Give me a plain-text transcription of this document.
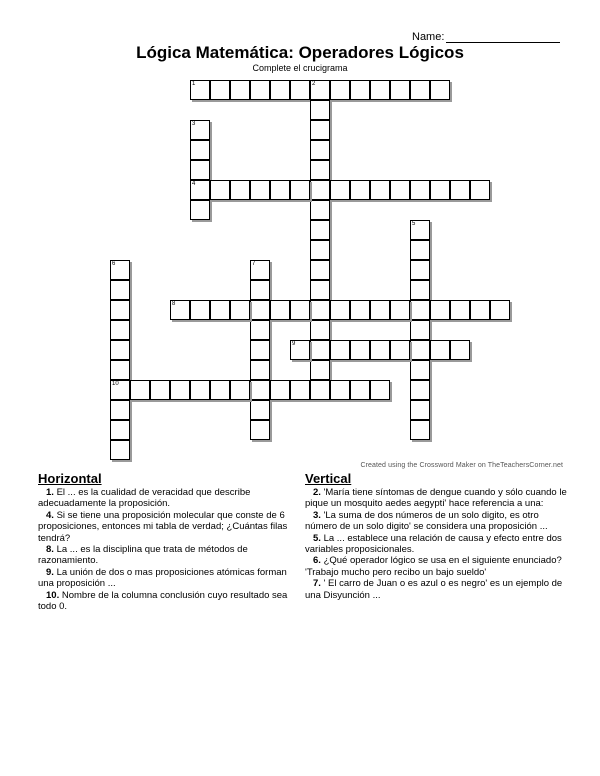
Name:
Lógica Matemática: Operadores Lógicos
Complete el crucigrama
1	2
3
4
5
6
10
7
8
9
Created using the Crossword Maker on TheTeachersCorner.net
Horizontal	Vertical

1. El ... es la cualidad de veracidad que describe adecuadamente la proposición.

4. Si se tiene una proposición molecular que conste de 6 proposiciones, entonces mi tabla de verdad; ¿Cuántas filas tendrá?

8. La ... es la disciplina que trata de métodos de razonamiento.

9. La unión de dos o mas proposiciones atómicas forman una proposición ...

10. Nombre de la columna conclusión cuyo resultado sea todo 0.

2. 'María tiene síntomas de dengue cuando y sólo cuando le pique un mosquito aedes aegypti' hace referencia a una:

3. 'La suma de dos números de un solo digito, es otro número de un solo digito' se considera una proposición ...

5. La ... establece una relación de causa y efecto entre dos variables proposicionales.

6. ¿Qué operador lógico se usa en el siguiente enunciado? 'Trabajo mucho pero recibo un bajo sueldo'

7. ' El carro de Juan o es azul o es negro' es un ejemplo de una Disyunción ...
